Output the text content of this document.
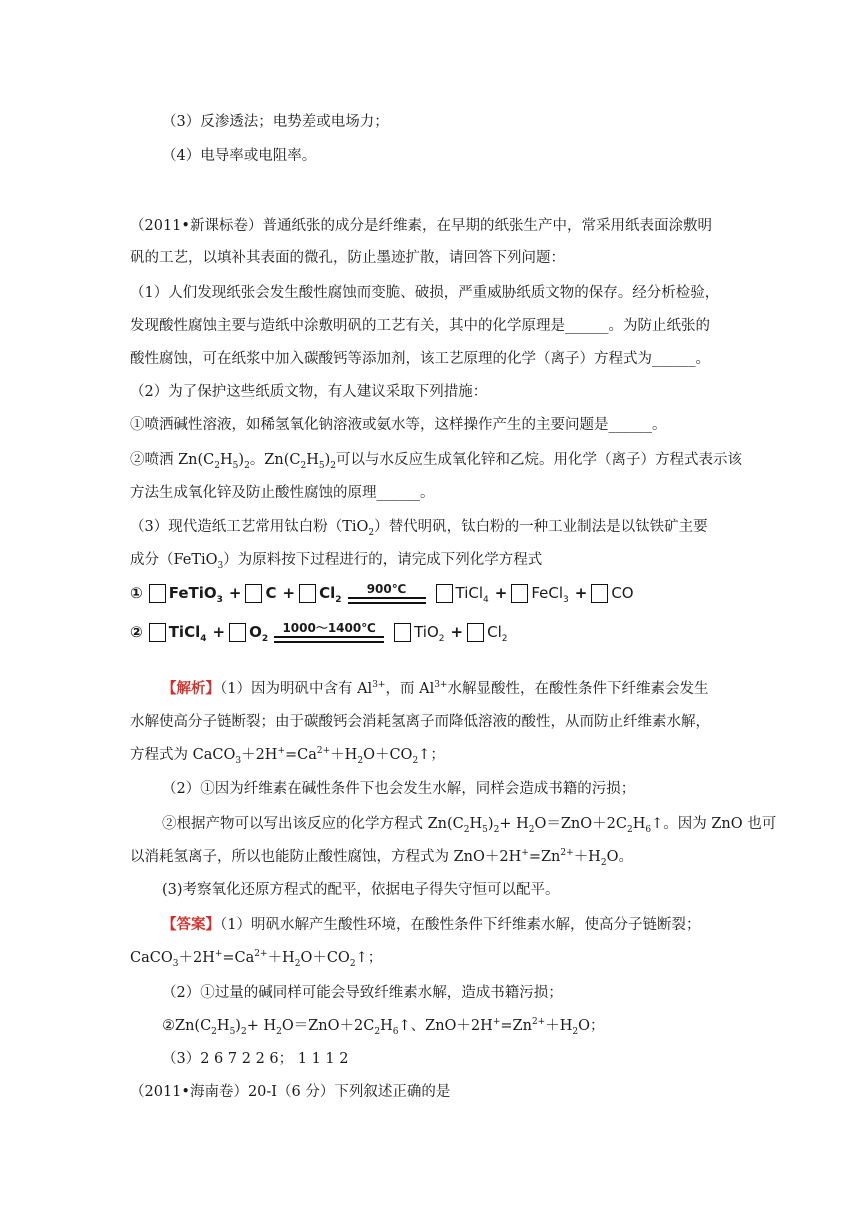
（3）反渗透法；电势差或电场力；
（4）电导率或电阻率。
（2011•新课标卷）普通纸张的成分是纤维素，在早期的纸张生产中，常采用纸表面涂敷明
矾的工艺，以填补其表面的微孔，防止墨迹扩散，请回答下列问题：
（1）人们发现纸张会发生酸性腐蚀而变脆、破损，严重威胁纸质文物的保存。经分析检验，
发现酸性腐蚀主要与造纸中涂敷明矾的工艺有关，其中的化学原理是______。为防止纸张的
酸性腐蚀，可在纸浆中加入碳酸钙等添加剂，该工艺原理的化学（离子）方程式为______。
（2）为了保护这些纸质文物，有人建议采取下列措施：
①喷洒碱性溶液，如稀氢氧化钠溶液或氨水等，这样操作产生的主要问题是______。
②喷洒 $Zn(C_2H_5)_2$。$Zn(C_2H_5)_2$可以与水反应生成氧化锌和乙烷。用化学（离子）方程式表示该
方法生成氧化锌及防止酸性腐蚀的原理______。
（3）现代造纸工艺常用钛白粉（TiO$_2$）替代明矾，钛白粉的一种工业制法是以钛铁矿主要
成分（FeTiO$_3$）为原料按下过程进行的，请完成下列化学方程式
① FeTiO$_3$ + $C + Cl_2$
900℃	TiCl$_4$ + FeCl$_3$ + CO
② TiCl$_4$ + $O_2$
1000～1400℃	$TiO_2 + Cl_2$
【解析】（1）因为明矾中含有 $Al^{3+}$，而 $Al^{3+}$水解显酸性，在酸性条件下纤维素会发生
水解使高分子链断裂；由于碳酸钙会消耗氢离子而降低溶液的酸性，从而防止纤维素水解，
方程式为 $CaCO_3+2H^+=Ca^{2+}+H_2O+CO_2↑$；
（2）①因为纤维素在碱性条件下也会发生水解，同样会造成书籍的污损；
②根据产物可以写出该反应的化学方程式 $Zn(C_2H_5)_2+$ $H_2O=ZnO+2C_2H_6↑$。因为 ZnO 也可
以消耗氢离子，所以也能防止酸性腐蚀，方程式为 $ZnO+2H^+=Zn^{2+}+H_2O$。
(3)考察氧化还原方程式的配平，依据电子得失守恒可以配平。
【答案】（1）明矾水解产生酸性环境，在酸性条件下纤维素水解，使高分子链断裂；
$CaCO_3+2H^+=Ca^{2+}+H_2O+CO_2↑$；
（2）①过量的碱同样可能会导致纤维素水解，造成书籍污损；
$②Zn(C_2H_5)_2+$ $H_2O=ZnO+2C_2H_6↑$、$ZnO+2H^+=Zn^{2+}+H_2O$；
（3）2 6 7 2 2 6； 1 1 1 2
（2011•海南卷）20-I（6 分）下列叙述正确的是
